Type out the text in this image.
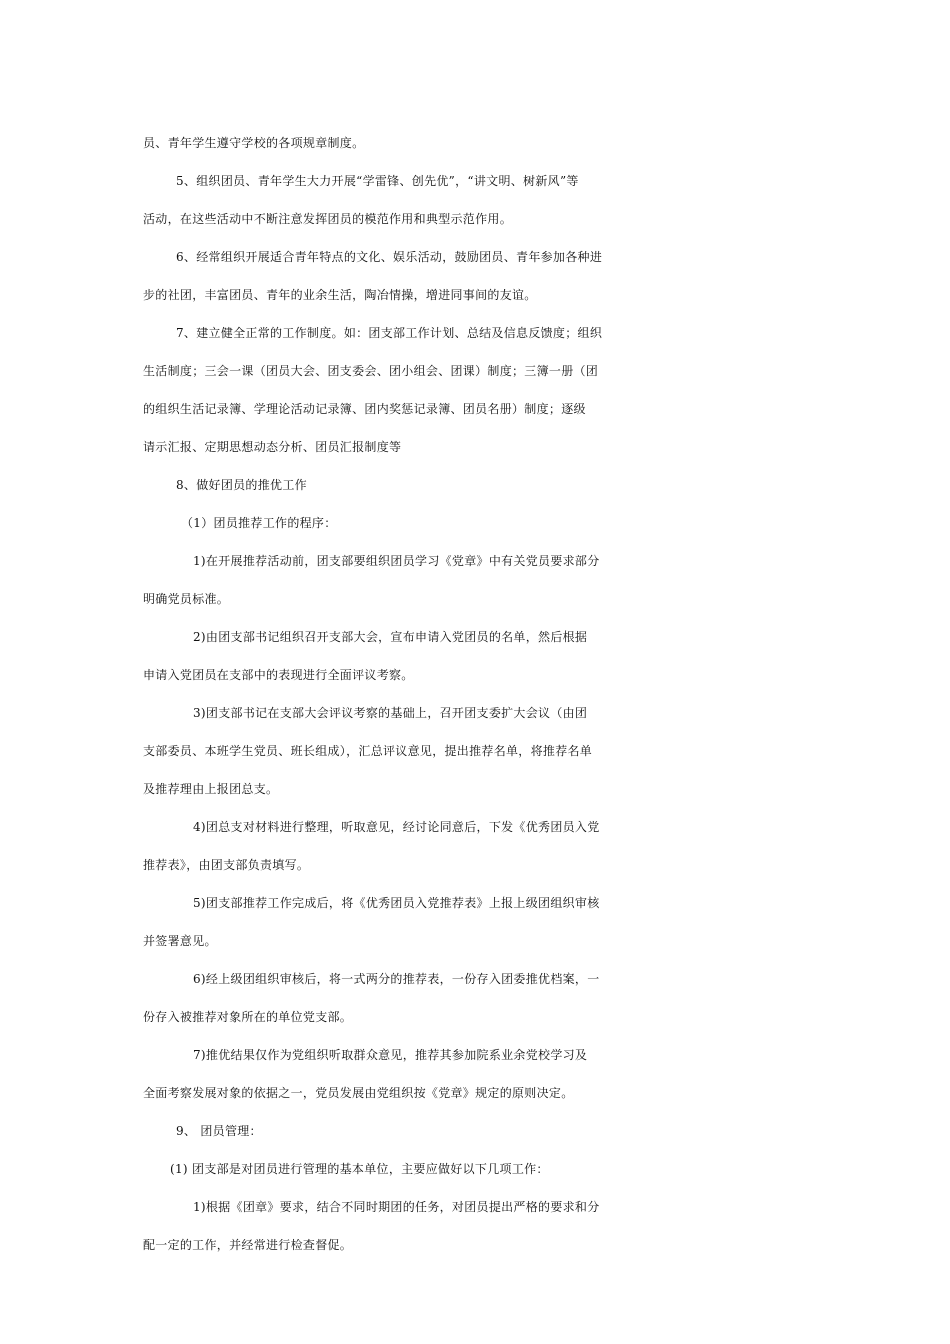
员、青年学生遵守学校的各项规章制度。
5、组织团员、青年学生大力开展“学雷锋、创先优”，“讲文明、树新风”等
活动，在这些活动中不断注意发挥团员的模范作用和典型示范作用。
6、经常组织开展适合青年特点的文化、娱乐活动，鼓励团员、青年参加各种进
步的社团，丰富团员、青年的业余生活，陶冶情操，增进同事间的友谊。
7、建立健全正常的工作制度。如：团支部工作计划、总结及信息反馈度；组织
生活制度；三会一课（团员大会、团支委会、团小组会、团课）制度；三簿一册（团
的组织生活记录簿、学理论活动记录簿、团内奖惩记录簿、团员名册）制度；逐级
请示汇报、定期思想动态分析、团员汇报制度等
8、做好团员的推优工作
（1）团员推荐工作的程序：
1)在开展推荐活动前，团支部要组织团员学习《党章》中有关党员要求部分
明确党员标准。
2)由团支部书记组织召开支部大会，宣布申请入党团员的名单，然后根据
申请入党团员在支部中的表现进行全面评议考察。
3)团支部书记在支部大会评议考察的基础上，召开团支委扩大会议（由团
支部委员、本班学生党员、班长组成），汇总评议意见，提出推荐名单，将推荐名单
及推荐理由上报团总支。
4)团总支对材料进行整理，听取意见，经讨论同意后，下发《优秀团员入党
推荐表》，由团支部负责填写。
5)团支部推荐工作完成后，将《优秀团员入党推荐表》上报上级团组织审核
并签署意见。
6)经上级团组织审核后，将一式两分的推荐表，一份存入团委推优档案，一
份存入被推荐对象所在的单位党支部。
7)推优结果仅作为党组织听取群众意见，推荐其参加院系业余党校学习及
全面考察发展对象的依据之一，党员发展由党组织按《党章》规定的原则决定。
9、 团员管理：
(1) 团支部是对团员进行管理的基本单位，主要应做好以下几项工作：
1)根据《团章》要求，结合不同时期团的任务，对团员提出严格的要求和分
配一定的工作，并经常进行检查督促。
